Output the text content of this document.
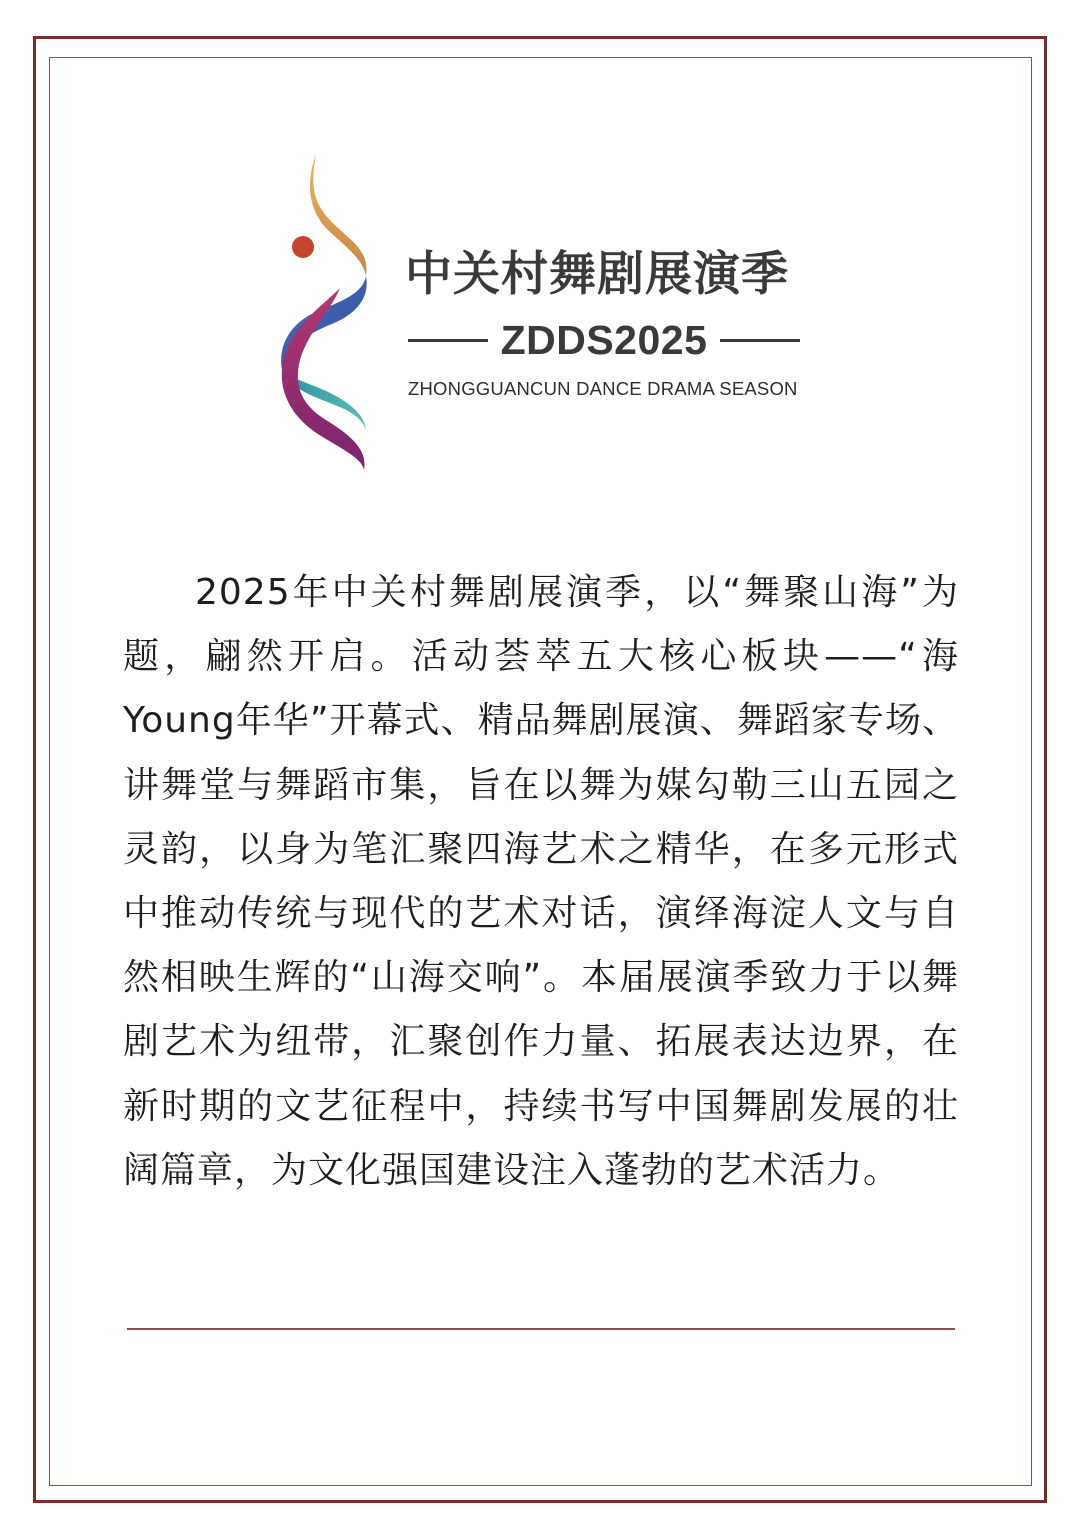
中关村舞剧展演季
ZDDS2025
ZHONGGUANCUN DANCE DRAMA SEASON

2025年中关村舞剧展演季，以“舞聚山海”为题，翩然开启。活动荟萃五大核心板块——“海Young年华”开幕式、精品舞剧展演、舞蹈家专场、讲舞堂与舞蹈市集，旨在以舞为媒勾勒三山五园之灵韵，以身为笔汇聚四海艺术之精华，在多元形式中推动传统与现代的艺术对话，演绎海淀人文与自然相映生辉的“山海交响”。本届展演季致力于以舞剧艺术为纽带，汇聚创作力量、拓展表达边界，在新时期的文艺征程中，持续书写中国舞剧发展的壮阔篇章，为文化强国建设注入蓬勃的艺术活力。
